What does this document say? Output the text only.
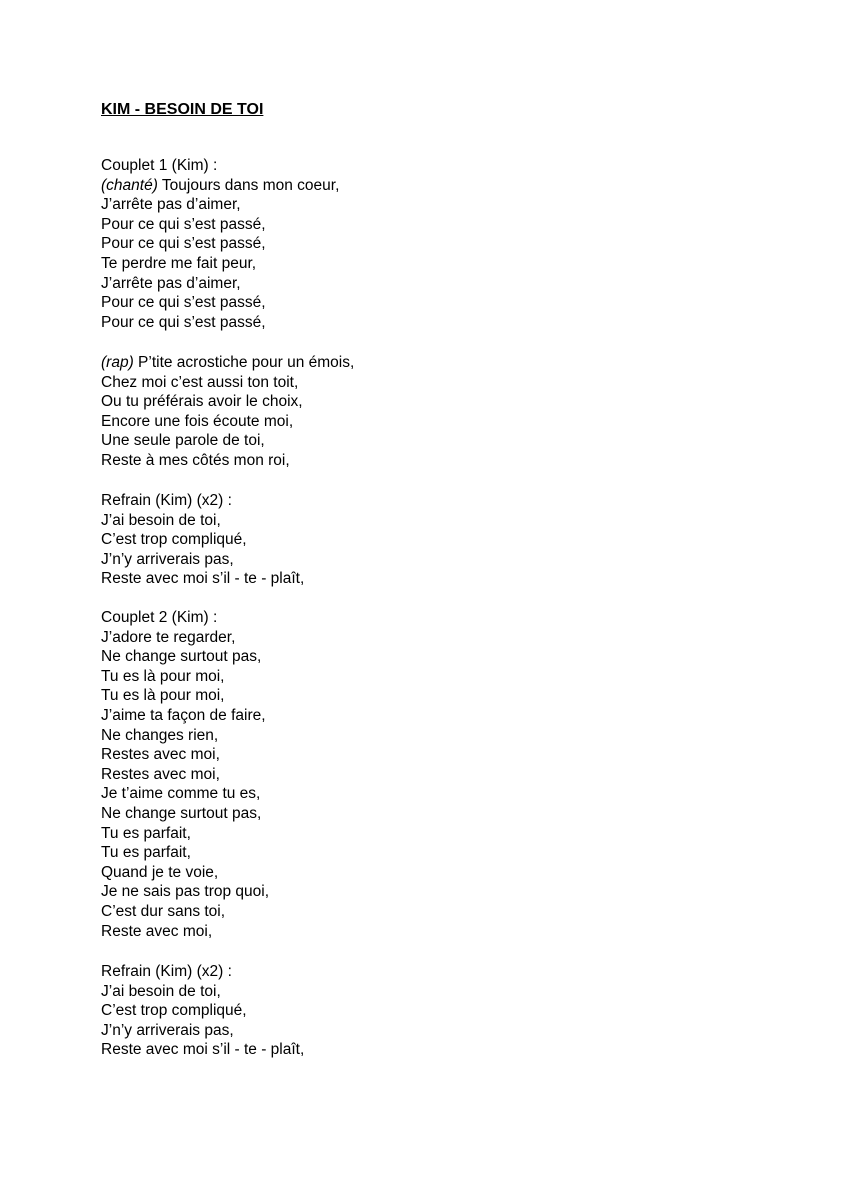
KIM - BESOIN DE TOI
Couplet 1 (Kim) :
(chanté) Toujours dans mon coeur,
J’arrête pas d’aimer,
Pour ce qui s’est passé,
Pour ce qui s’est passé,
Te perdre me fait peur,
J’arrête pas d’aimer,
Pour ce qui s’est passé,
Pour ce qui s’est passé,
(rap) P’tite acrostiche pour un émois,
Chez moi c’est aussi ton toit,
Ou tu préférais avoir le choix,
Encore une fois écoute moi,
Une seule parole de toi,
Reste à mes côtés mon roi,
Refrain (Kim) (x2) :
J’ai besoin de toi,
C’est trop compliqué,
J’n’y arriverais pas,
Reste avec moi s’il - te - plaît,
Couplet 2 (Kim) :
J’adore te regarder,
Ne change surtout pas,
Tu es là pour moi,
Tu es là pour moi,
J’aime ta façon de faire,
Ne changes rien,
Restes avec moi,
Restes avec moi,
Je t’aime comme tu es,
Ne change surtout pas,
Tu es parfait,
Tu es parfait,
Quand je te voie,
Je ne sais pas trop quoi,
C’est dur sans toi,
Reste avec moi,
Refrain (Kim) (x2) :
J’ai besoin de toi,
C’est trop compliqué,
J’n’y arriverais pas,
Reste avec moi s’il - te - plaît,
